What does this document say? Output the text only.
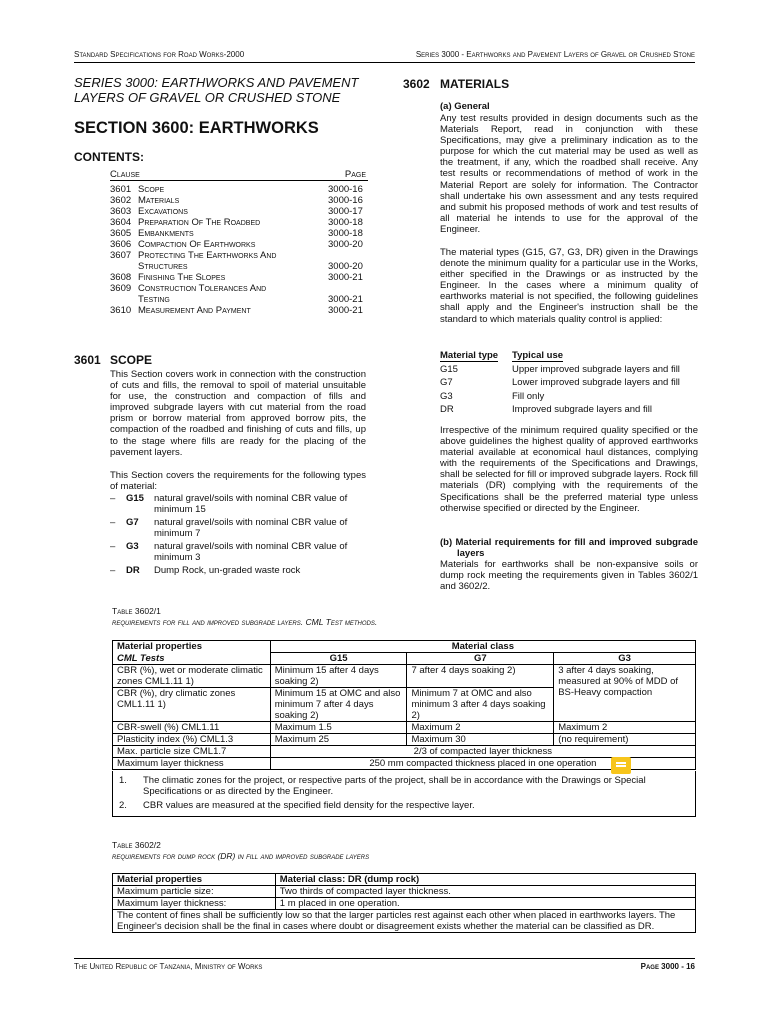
Standard Specifications for Road Works-2000	Series 3000 - Earthworks and Pavement Layers of Gravel or Crushed Stone
SERIES 3000: EARTHWORKS AND PAVEMENT LAYERS OF GRAVEL OR CRUSHED STONE
SECTION 3600: EARTHWORKS
CONTENTS:
Clause	Page
3601 Scope	3000-16
3602 Materials	3000-16
3603 Excavations	3000-17
3604 Preparation Of The Roadbed	3000-18
3605 Embankments	3000-18
3606 Compaction Of Earthworks	3000-20
3607 Protecting The Earthworks And Structures	3000-20
3608 Finishing The Slopes	3000-21
3609 Construction Tolerances And Testing	3000-21
3610 Measurement And Payment	3000-21
3601 SCOPE
This Section covers work in connection with the construction of cuts and fills, the removal to spoil of material unsuitable for use, the construction and compaction of fills and improved subgrade layers with cut material from the road prism or borrow material from approved borrow pits, the compaction of the roadbed and finishing of cuts and fills, up to the stage where fills are ready for the placing of the pavement layers.
This Section covers the requirements for the following types of material:
–	G15	natural gravel/soils with nominal CBR value of minimum 15
–	G7	natural gravel/soils with nominal CBR value of minimum 7
–	G3	natural gravel/soils with nominal CBR value of minimum 3
–	DR	Dump Rock, un-graded waste rock
3602 MATERIALS
(a) General
Any test results provided in design documents such as the Materials Report, read in conjunction with these Specifications, may give a preliminary indication as to the purpose for which the cut material may be used as well as the treatment, if any, which the roadbed shall receive. Any test results or recommendations of method of work in the Material Report are solely for information. The Contractor shall undertake his own assessment and any tests required and submit his proposed methods of work and test results of all material he intends to use for the approval of the Engineer.
The material types (G15, G7, G3, DR) given in the Drawings denote the minimum quality for a particular use in the Works, either specified in the Drawings or as instructed by the Engineer. In the cases where a minimum quality of earthworks material is not specified, the following guidelines shall apply and the Engineer's instruction shall be the standard to which materials quality control is applied:
Material type	Typical use
G15	Upper improved subgrade layers and fill
G7	Lower improved subgrade layers and fill
G3	Fill only
DR	Improved subgrade layers and fill
Irrespective of the minimum required quality specified or the above guidelines the highest quality of approved earthworks material available at economical haul distances, complying with the requirements of the Specifications and Drawings, shall be selected for fill or improved subgrade layers. Rock fill materials (DR) complying with the requirements of the Specifications shall be the preferred material type unless otherwise specified or directed by the Engineer.
(b) Material requirements for fill and improved subgrade layers
Materials for earthworks shall be non-expansive soils or dump rock meeting the requirements given in Tables 3602/1 and 3602/2.
Table 3602/1
requirements for fill and improved subgrade layers. CML Test methods.
Material properties	Material class		
CML Tests	G15	G7	G3
CBR (%), wet or moderate climatic zones CML1.11 1)	Minimum 15 after 4 days soaking 2)	7 after 4 days soaking 2)	3 after 4 days soaking, measured at 90% of MDD of BS-Heavy compaction
CBR (%), dry climatic zones CML1.11 1)	Minimum 15 at OMC and also minimum 7 after 4 days soaking 2)	Minimum 7 at OMC and also minimum 3 after 4 days soaking 2)	
CBR-swell (%) CML1.11	Maximum 1.5	Maximum 2	Maximum 2
Plasticity index (%) CML1.3	Maximum 25	Maximum 30	(no requirement)
Max. particle size CML1.7	2/3 of compacted layer thickness		
Maximum layer thickness	250 mm compacted thickness placed in one operation		
1.	The climatic zones for the project, or respective parts of the project, shall be in accordance with the Drawings or Special Specifications or as directed by the Engineer.
2.	CBR values are measured at the specified field density for the respective layer.
Table 3602/2
requirements for dump rock (DR) in fill and improved subgrade layers
Material properties	Material class: DR (dump rock)
Maximum particle size:	Two thirds of compacted layer thickness.
Maximum layer thickness:	1 m placed in one operation.
The content of fines shall be sufficiently low so that the larger particles rest against each other when placed in earthworks layers. The Engineer's decision shall be the final in cases where doubt or disagreement exists whether the material can be classified as DR.	
The United Republic of Tanzania, Ministry of Works	Page 3000 - 16
